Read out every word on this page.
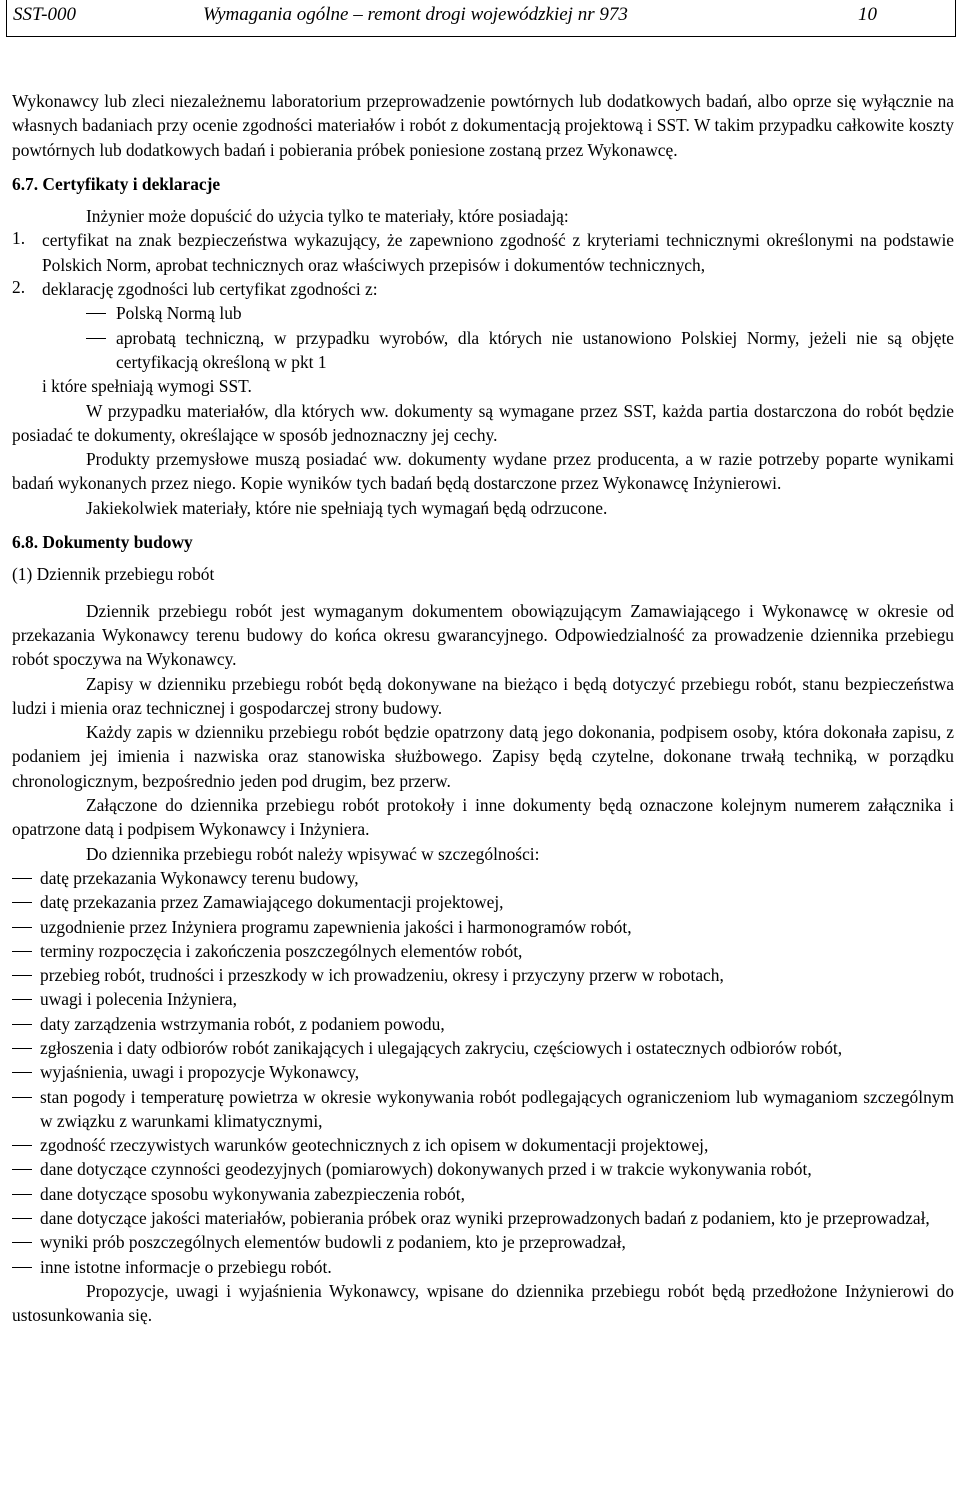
SST-000	Wymagania ogólne – remont drogi wojewódzkiej nr 973	10

Wykonawcy lub zleci niezależnemu laboratorium przeprowadzenie powtórnych lub dodatkowych badań, albo oprze się wyłącznie na własnych badaniach przy ocenie zgodności materiałów i robót z dokumentacją projektową i SST. W takim przypadku całkowite koszty powtórnych lub dodatkowych badań i pobierania próbek poniesione zostaną przez Wykonawcę.

6.7. Certyfikaty i deklaracje

Inżynier może dopuścić do użycia tylko te materiały, które posiadają:

1. certyfikat na znak bezpieczeństwa wykazujący, że zapewniono zgodność z kryteriami technicznymi określonymi na podstawie Polskich Norm, aprobat technicznych oraz właściwych przepisów i dokumentów technicznych,

2. deklarację zgodności lub certyfikat zgodności z:

Polską Normą lub
aprobatą techniczną, w przypadku wyrobów, dla których nie ustanowiono Polskiej Normy, jeżeli nie są objęte certyfikacją określoną w pkt 1

i które spełniają wymogi SST.

W przypadku materiałów, dla których ww. dokumenty są wymagane przez SST, każda partia dostarczona do robót będzie posiadać te dokumenty, określające w sposób jednoznaczny jej cechy.

Produkty przemysłowe muszą posiadać ww. dokumenty wydane przez producenta, a w razie potrzeby poparte wynikami badań wykonanych przez niego. Kopie wyników tych badań będą dostarczone przez Wykonawcę Inżynierowi.

Jakiekolwiek materiały, które nie spełniają tych wymagań będą odrzucone.

6.8. Dokumenty budowy

(1) Dziennik przebiegu robót

Dziennik przebiegu robót jest wymaganym dokumentem obowiązującym Zamawiającego i Wykonawcę w okresie od przekazania Wykonawcy terenu budowy do końca okresu gwarancyjnego. Odpowiedzialność za prowadzenie dziennika przebiegu robót spoczywa na Wykonawcy.

Zapisy w dzienniku przebiegu robót będą dokonywane na bieżąco i będą dotyczyć przebiegu robót, stanu bezpieczeństwa ludzi i mienia oraz technicznej i gospodarczej strony budowy.

Każdy zapis w dzienniku przebiegu robót będzie opatrzony datą jego dokonania, podpisem osoby, która dokonała zapisu, z podaniem jej imienia i nazwiska oraz stanowiska służbowego. Zapisy będą czytelne, dokonane trwałą techniką, w porządku chronologicznym, bezpośrednio jeden pod drugim, bez przerw.

Załączone do dziennika przebiegu robót protokoły i inne dokumenty będą oznaczone kolejnym numerem załącznika i opatrzone datą i podpisem Wykonawcy i Inżyniera.

Do dziennika przebiegu robót należy wpisywać w szczególności:

datę przekazania Wykonawcy terenu budowy,
datę przekazania przez Zamawiającego dokumentacji projektowej,
uzgodnienie przez Inżyniera programu zapewnienia jakości i harmonogramów robót,
terminy rozpoczęcia i zakończenia poszczególnych elementów robót,
przebieg robót, trudności i przeszkody w ich prowadzeniu, okresy i przyczyny przerw w robotach,
uwagi i polecenia Inżyniera,
daty zarządzenia wstrzymania robót, z podaniem powodu,
zgłoszenia i daty odbiorów robót zanikających i ulegających zakryciu, częściowych i ostatecznych odbiorów robót,
wyjaśnienia, uwagi i propozycje Wykonawcy,
stan pogody i temperaturę powietrza w okresie wykonywania robót podlegających ograniczeniom lub wymaganiom szczególnym w związku z warunkami klimatycznymi,
zgodność rzeczywistych warunków geotechnicznych z ich opisem w dokumentacji projektowej,
dane dotyczące czynności geodezyjnych (pomiarowych) dokonywanych przed i w trakcie wykonywania robót,
dane dotyczące sposobu wykonywania zabezpieczenia robót,
dane dotyczące jakości materiałów, pobierania próbek oraz wyniki przeprowadzonych badań z podaniem, kto je przeprowadzał,
wyniki prób poszczególnych elementów budowli z podaniem, kto je przeprowadzał,
inne istotne informacje o przebiegu robót.

Propozycje, uwagi i wyjaśnienia Wykonawcy, wpisane do dziennika przebiegu robót będą przedłożone Inżynierowi do ustosunkowania się.
